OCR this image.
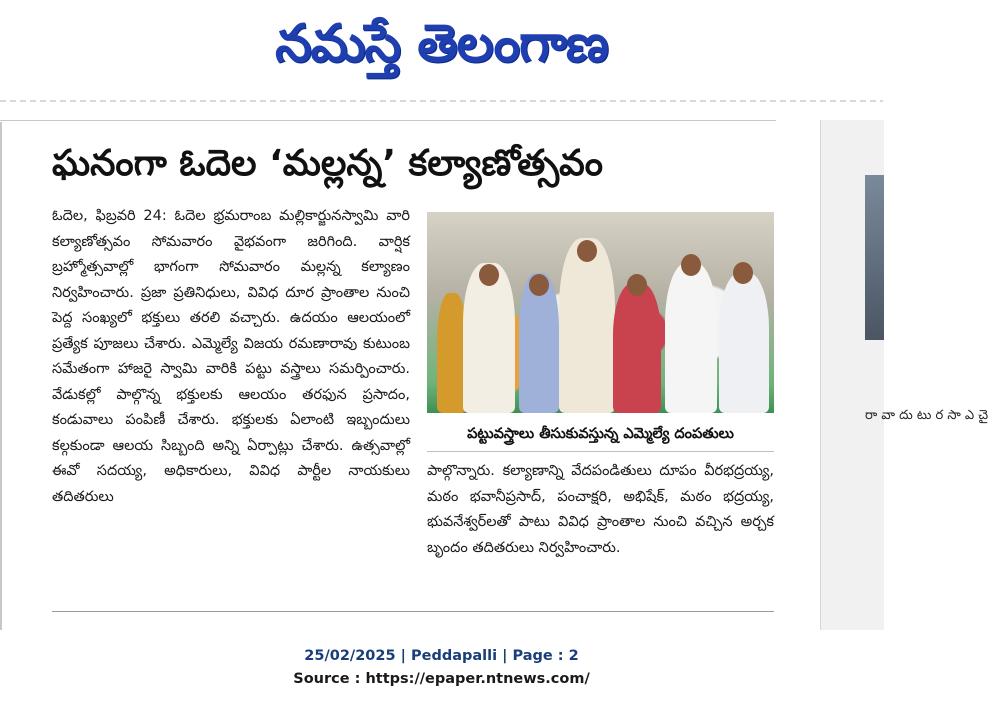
నమస్తే తెలంగాణ
ఘనంగా ఓదెల ‘మల్లన్న’ కల్యాణోత్సవం

ఓదెల, ఫిబ్రవరి 24: ఓదెల భ్రమరాంబ మల్లికార్జునస్వామి వారి కల్యాణోత్సవం సోమవారం వైభవంగా జరిగింది. వార్షిక బ్రహ్మోత్సవాల్లో భాగంగా సోమవారం మల్లన్న కల్యాణం నిర్వహించారు. ప్రజా ప్రతినిధులు, వివిధ దూర ప్రాంతాల నుంచి పెద్ద సంఖ్యలో భక్తులు తరలి వచ్చారు. ఉదయం ఆలయంలో ప్రత్యేక పూజలు చేశారు. ఎమ్మెల్యే విజయ రమణారావు కుటుంబ సమేతంగా హాజరై స్వామి వారికి పట్టు వస్త్రాలు సమర్పించారు. వేడుకల్లో పాల్గొన్న భక్తులకు ఆలయం తరఫున ప్రసాదం, కండువాలు పంపిణీ చేశారు. భక్తులకు ఏలాంటి ఇబ్బందులు కల్గకుండా ఆలయ సిబ్బంది అన్ని ఏర్పాట్లు చేశారు. ఉత్సవాల్లో ఈవో సదయ్య, అధికారులు, వివిధ పార్టీల నాయకులు తదితరులు

పట్టువస్త్రాలు తీసుకువస్తున్న ఎమ్మెల్యే దంపతులు

పాల్గొన్నారు. కల్యాణాన్ని వేదపండితులు దూపం వీరభద్రయ్య, మఠం భవానీప్రసాద్, పంచాక్షరి, అభిషేక్, మఠం భద్రయ్య, భువనేశ్వర్‌లతో పాటు వివిధ ప్రాంతాల నుంచి వచ్చిన అర్చక బృందం తదితరులు నిర్వహించారు.

రా వా దు టు ర సా ఎ చై
25/02/2025 | Peddapalli | Page : 2
Source : https://epaper.ntnews.com/
